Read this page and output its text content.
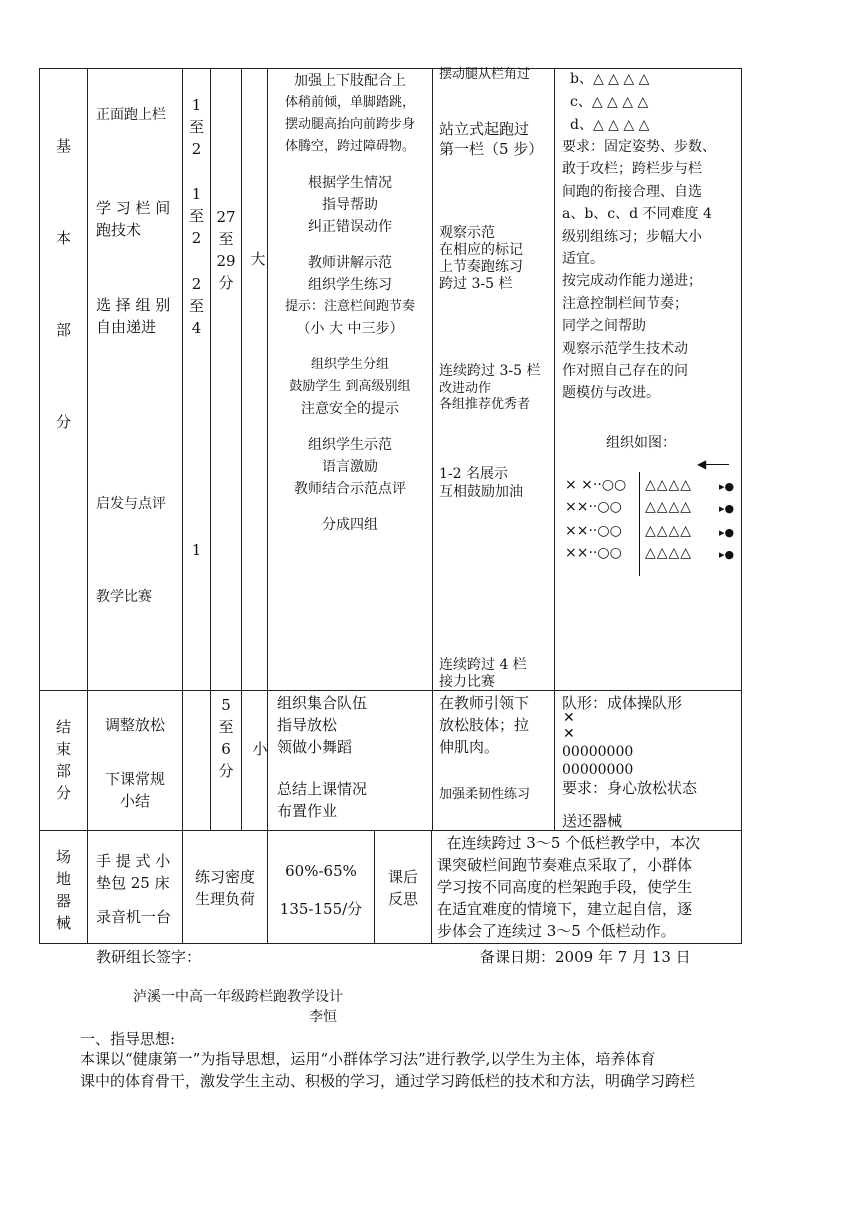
基
本
部
分
正面跑上栏
学 习 栏 间
跑技术
选 择 组 别
自由递进
启发与点评
教学比赛
1
至
2
1
至
2
2
至
4
1
27
至
29
分
大
加强上下肢配合上
体稍前倾，单脚踏跳，
摆动腿高抬向前跨步身
体腾空，跨过障碍物。
根据学生情况
指导帮助
纠正错误动作
教师讲解示范
组织学生练习
提示：注意栏间跑节奏
（小 大 中三步）
组织学生分组
鼓励学生 到高级别组
注意安全的提示
组织学生示范
语言激励
教师结合示范点评
分成四组
摆动腿从栏角过
站立式起跑过
第一栏（5 步）
观察示范
在相应的标记
上节奏跑练习
跨过 3-5 栏
连续跨过 3-5 栏
改进动作
各组推荐优秀者
1-2 名展示
互相鼓励加油
连续跨过 4 栏
接力比赛
b、△ △ △ △
c、△ △ △ △
d、△ △ △ △
要求：固定姿势、步数、
敢于攻栏；跨栏步与栏
间跑的衔接合理、自选
a、b、c、d 不同难度 4
级别组练习；步幅大小
适宜。
按完成动作能力递进；
注意控制栏间节奏；
同学之间帮助
观察示范学生技术动
作对照自己存在的问
题模仿与改进。
组织如图：
◀
× ×··○○
××··○○
××··○○
××··○○
△△△△
△△△△
△△△△
△△△△
▸●
▸●
▸●
▸●
结
束
部
分
调整放松
下课常规
小结
5
至
6
分
小
组织集合队伍
指导放松
领做小舞蹈
总结上课情况
布置作业
在教师引领下
放松肢体；拉
伸肌肉。
加强柔韧性练习
队形：成体操队形
✕
✕
00000000
00000000
要求：身心放松状态
送还器械
场
地
器
械
手 提 式 小
垫包 25 床
录音机一台
练习密度
生理负荷
60%-65%
135-155/分
课后
反思
在连续跨过 3～5 个低栏教学中，本次
课突破栏间跑节奏难点采取了，小群体
学习按不同高度的栏架跑手段，使学生
在适宜难度的情境下，建立起自信，逐
步体会了连续过 3～5 个低栏动作。
教研组长签字：	备课日期：2009 年 7 月 13 日
泸溪一中高一年级跨栏跑教学设计
李恒
一、指导思想:
本课以“健康第一”为指导思想，运用“小群体学习法”进行教学,以学生为主体，培养体育
课中的体育骨干，激发学生主动、积极的学习，通过学习跨低栏的技术和方法，明确学习跨栏
